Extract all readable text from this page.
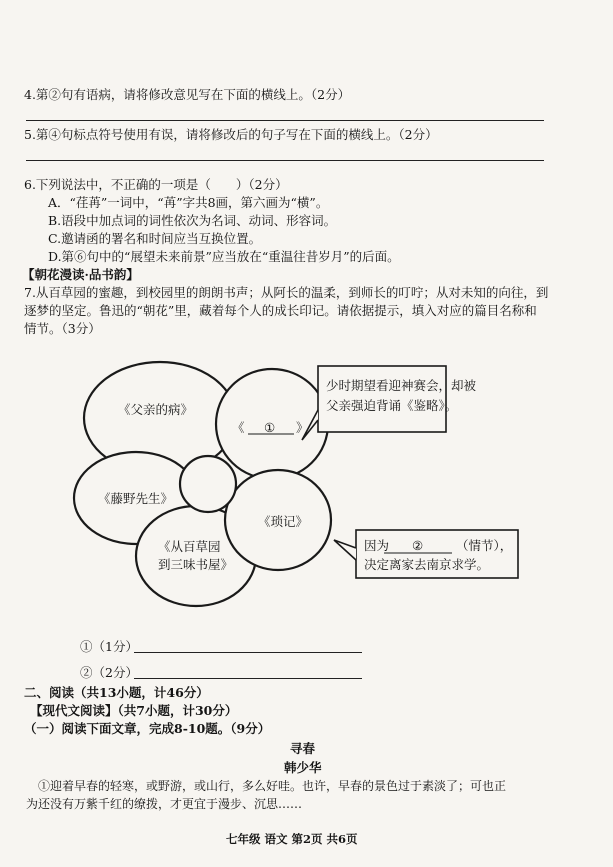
4.第②句有语病，请将修改意见写在下面的横线上。（2分）
5.第④句标点符号使用有误，请将修改后的句子写在下面的横线上。（2分）
6.下列说法中，不正确的一项是（　　）（2分）
A．“荏苒”一词中，“苒”字共8画，第六画为“横”。
B.语段中加点词的词性依次为名词、动词、形容词。
C.邀请函的署名和时间应当互换位置。
D.第⑥句中的“展望未来前景”应当放在“重温往昔岁月”的后面。
【朝花漫读·品书韵】
7.从百草园的蜜趣，到校园里的朗朗书声；从阿长的温柔，到师长的叮咛；从对未知的向往，到
逐梦的坚定。鲁迅的“朝花”里，藏着每个人的成长印记。请依据提示，填入对应的篇目名称和
情节。（3分）
《父亲的病》
《 ① 》
《藤野先生》
《从百草园
到三味书屋》
《琐记》
少时期望看迎神赛会，却被
父亲强迫背诵《鉴略》。
因为 ②	（情节），
决定离家去南京求学。
①（1分）
②（2分）
二、阅读（共13小题，计46分）
【现代文阅读】（共7小题，计30分）
（一）阅读下面文章，完成8-10题。（9分）
寻春
韩少华
①迎着早春的轻寒，或野游，或山行，多么好哇。也许，早春的景色过于素淡了；可也正
为还没有万紫千红的缭拨，才更宜于漫步、沉思……
七年级 语文 第2页 共6页
